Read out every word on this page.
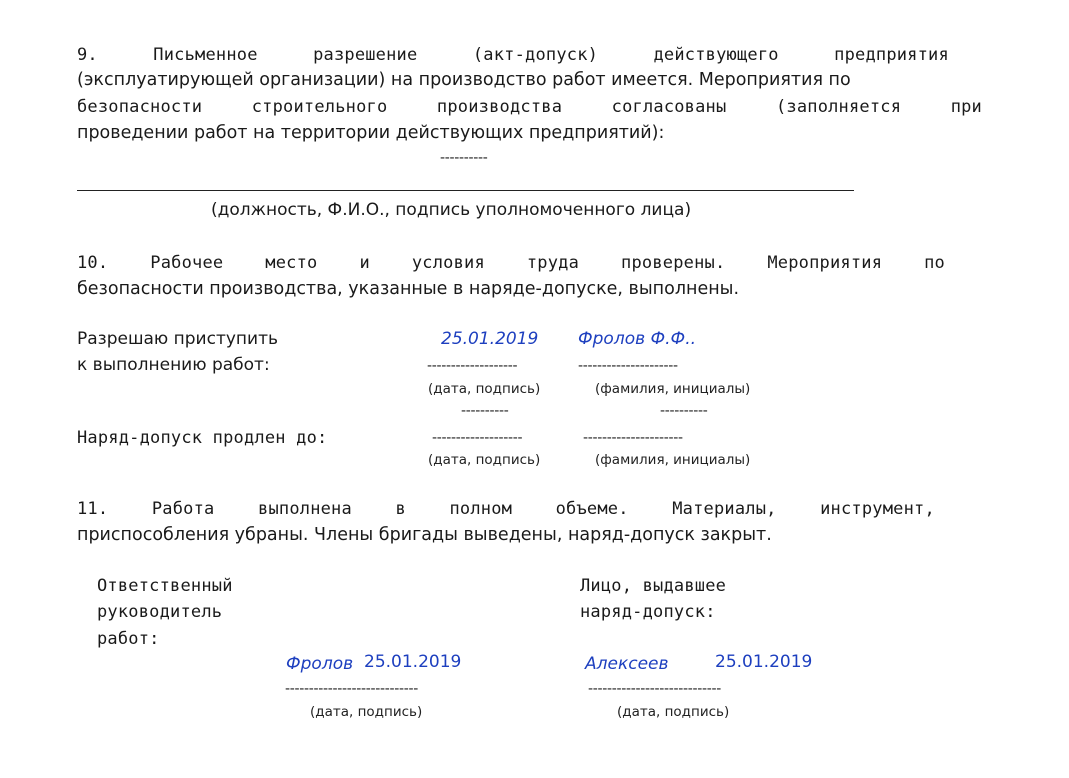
9.	Письменное	разрешение	(акт-допуск)	действующего	предприятия
(эксплуатирующей организации) на производство работ имеется. Мероприятия по
безопасности	строительного	производства	согласованы	(заполняется	при
проведении работ на территории действующих предприятий):
----------
(должность, Ф.И.О., подпись уполномоченного лица)
10. Рабочее место и условия труда проверены. Мероприятия по
безопасности производства, указанные в наряде-допуске, выполнены.
Разрешаю приступить
к выполнению работ:
25.01.2019 Фролов Ф.Ф..
-------------------	---------------------
(дата, подпись)	(фамилия, инициалы)
----------	----------
Наряд-допуск продлен до:	-------------------	---------------------
(дата, подпись)	(фамилия, инициалы)
11.	Работа	выполнена	в	полном	объеме.	Материалы,	инструмент,
приспособления убраны. Члены бригады выведены, наряд-допуск закрыт.
Ответственный
руководитель
работ:
Лицо, выдавшее
наряд-допуск:
Фролов 25.01.2019	Алексеев	25.01.2019
----------------------------	----------------------------
(дата, подпись)	(дата, подпись)
